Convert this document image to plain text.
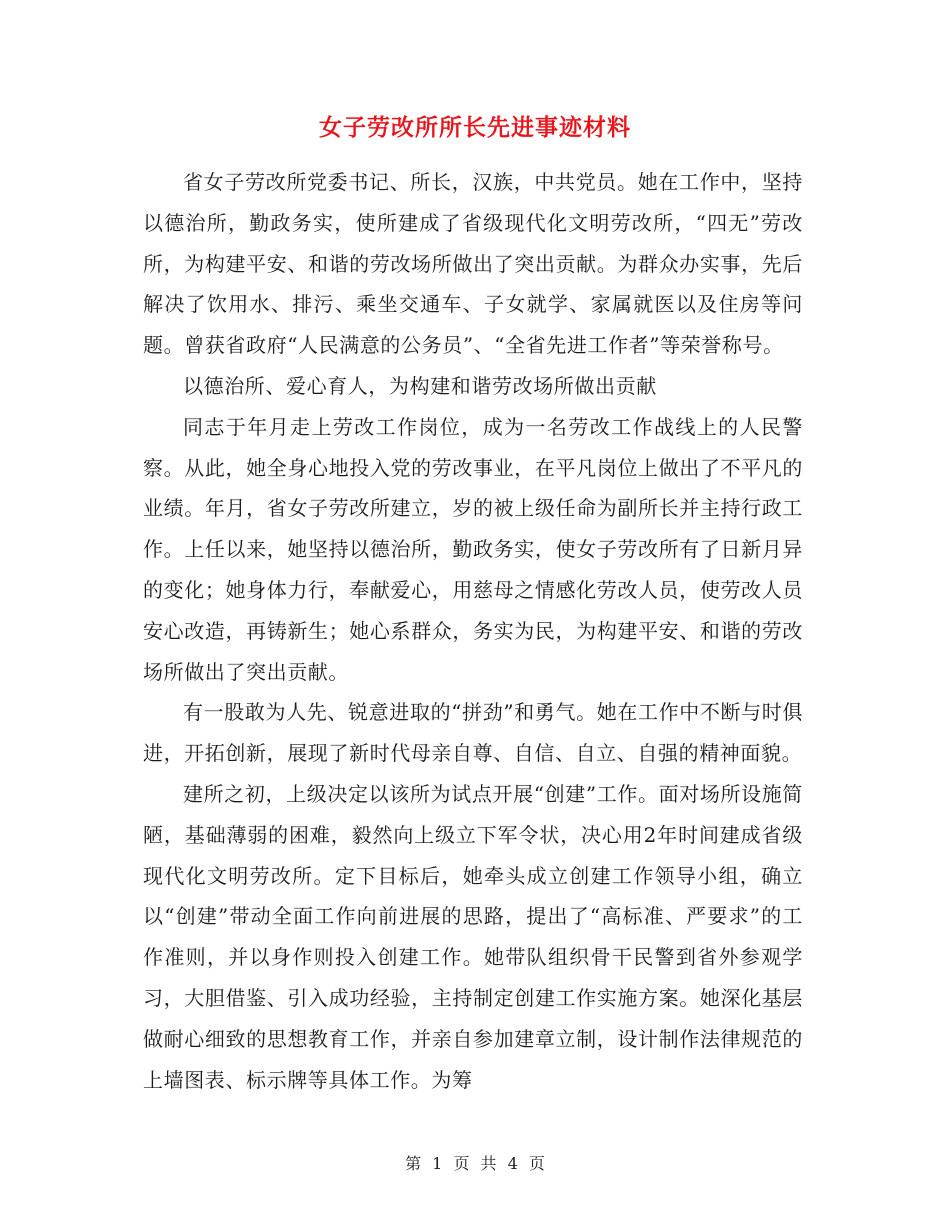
女子劳改所所长先进事迹材料

省女子劳改所党委书记、所长，汉族，中共党员。她在工作中，坚持以德治所，勤政务实，使所建成了省级现代化文明劳改所，“四无”劳改所，为构建平安、和谐的劳改场所做出了突出贡献。为群众办实事，先后解决了饮用水、排污、乘坐交通车、子女就学、家属就医以及住房等问题。曾获省政府“人民满意的公务员”、“全省先进工作者”等荣誉称号。

以德治所、爱心育人，为构建和谐劳改场所做出贡献

同志于年月走上劳改工作岗位，成为一名劳改工作战线上的人民警察。从此，她全身心地投入党的劳改事业，在平凡岗位上做出了不平凡的业绩。年月，省女子劳改所建立，岁的被上级任命为副所长并主持行政工作。上任以来，她坚持以德治所，勤政务实，使女子劳改所有了日新月异的变化；她身体力行，奉献爱心，用慈母之情感化劳改人员，使劳改人员安心改造，再铸新生；她心系群众，务实为民，为构建平安、和谐的劳改场所做出了突出贡献。

有一股敢为人先、锐意进取的“拼劲”和勇气。她在工作中不断与时俱进，开拓创新，展现了新时代母亲自尊、自信、自立、自强的精神面貌。

建所之初，上级决定以该所为试点开展“创建”工作。面对场所设施简陋，基础薄弱的困难，毅然向上级立下军令状，决心用2年时间建成省级现代化文明劳改所。定下目标后，她牵头成立创建工作领导小组，确立以“创建”带动全面工作向前进展的思路，提出了“高标准、严要求”的工作准则，并以身作则投入创建工作。她带队组织骨干民警到省外参观学习，大胆借鉴、引入成功经验，主持制定创建工作实施方案。她深化基层做耐心细致的思想教育工作，并亲自参加建章立制，设计制作法律规范的上墙图表、标示牌等具体工作。为筹

第 1 页 共 4 页
